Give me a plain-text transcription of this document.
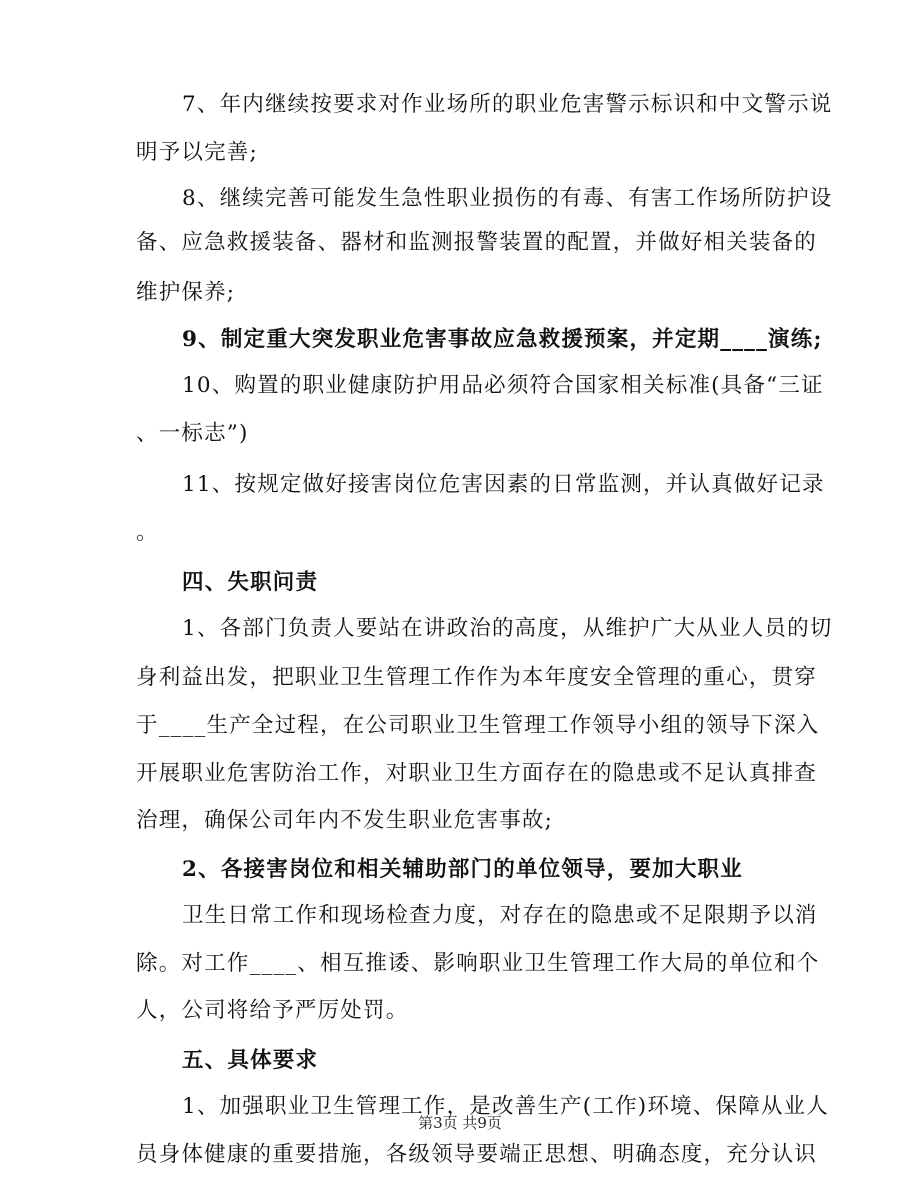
7、年内继续按要求对作业场所的职业危害警示标识和中文警示说
明予以完善;
8、继续完善可能发生急性职业损伤的有毒、有害工作场所防护设
备、应急救援装备、器材和监测报警装置的配置，并做好相关装备的
维护保养;
9、制定重大突发职业危害事故应急救援预案，并定期____演练;
10、购置的职业健康防护用品必须符合国家相关标准(具备“三证
、一标志”)
11、按规定做好接害岗位危害因素的日常监测，并认真做好记录
。
四、失职问责
1、各部门负责人要站在讲政治的高度，从维护广大从业人员的切
身利益出发，把职业卫生管理工作作为本年度安全管理的重心，贯穿
于____生产全过程，在公司职业卫生管理工作领导小组的领导下深入
开展职业危害防治工作，对职业卫生方面存在的隐患或不足认真排查
治理，确保公司年内不发生职业危害事故;
2、各接害岗位和相关辅助部门的单位领导，要加大职业
卫生日常工作和现场检查力度，对存在的隐患或不足限期予以消
除。对工作____、相互推诿、影响职业卫生管理工作大局的单位和个
人，公司将给予严厉处罚。
五、具体要求
1、加强职业卫生管理工作，是改善生产(工作)环境、保障从业人
员身体健康的重要措施，各级领导要端正思想、明确态度，充分认识
第3页 共9页
